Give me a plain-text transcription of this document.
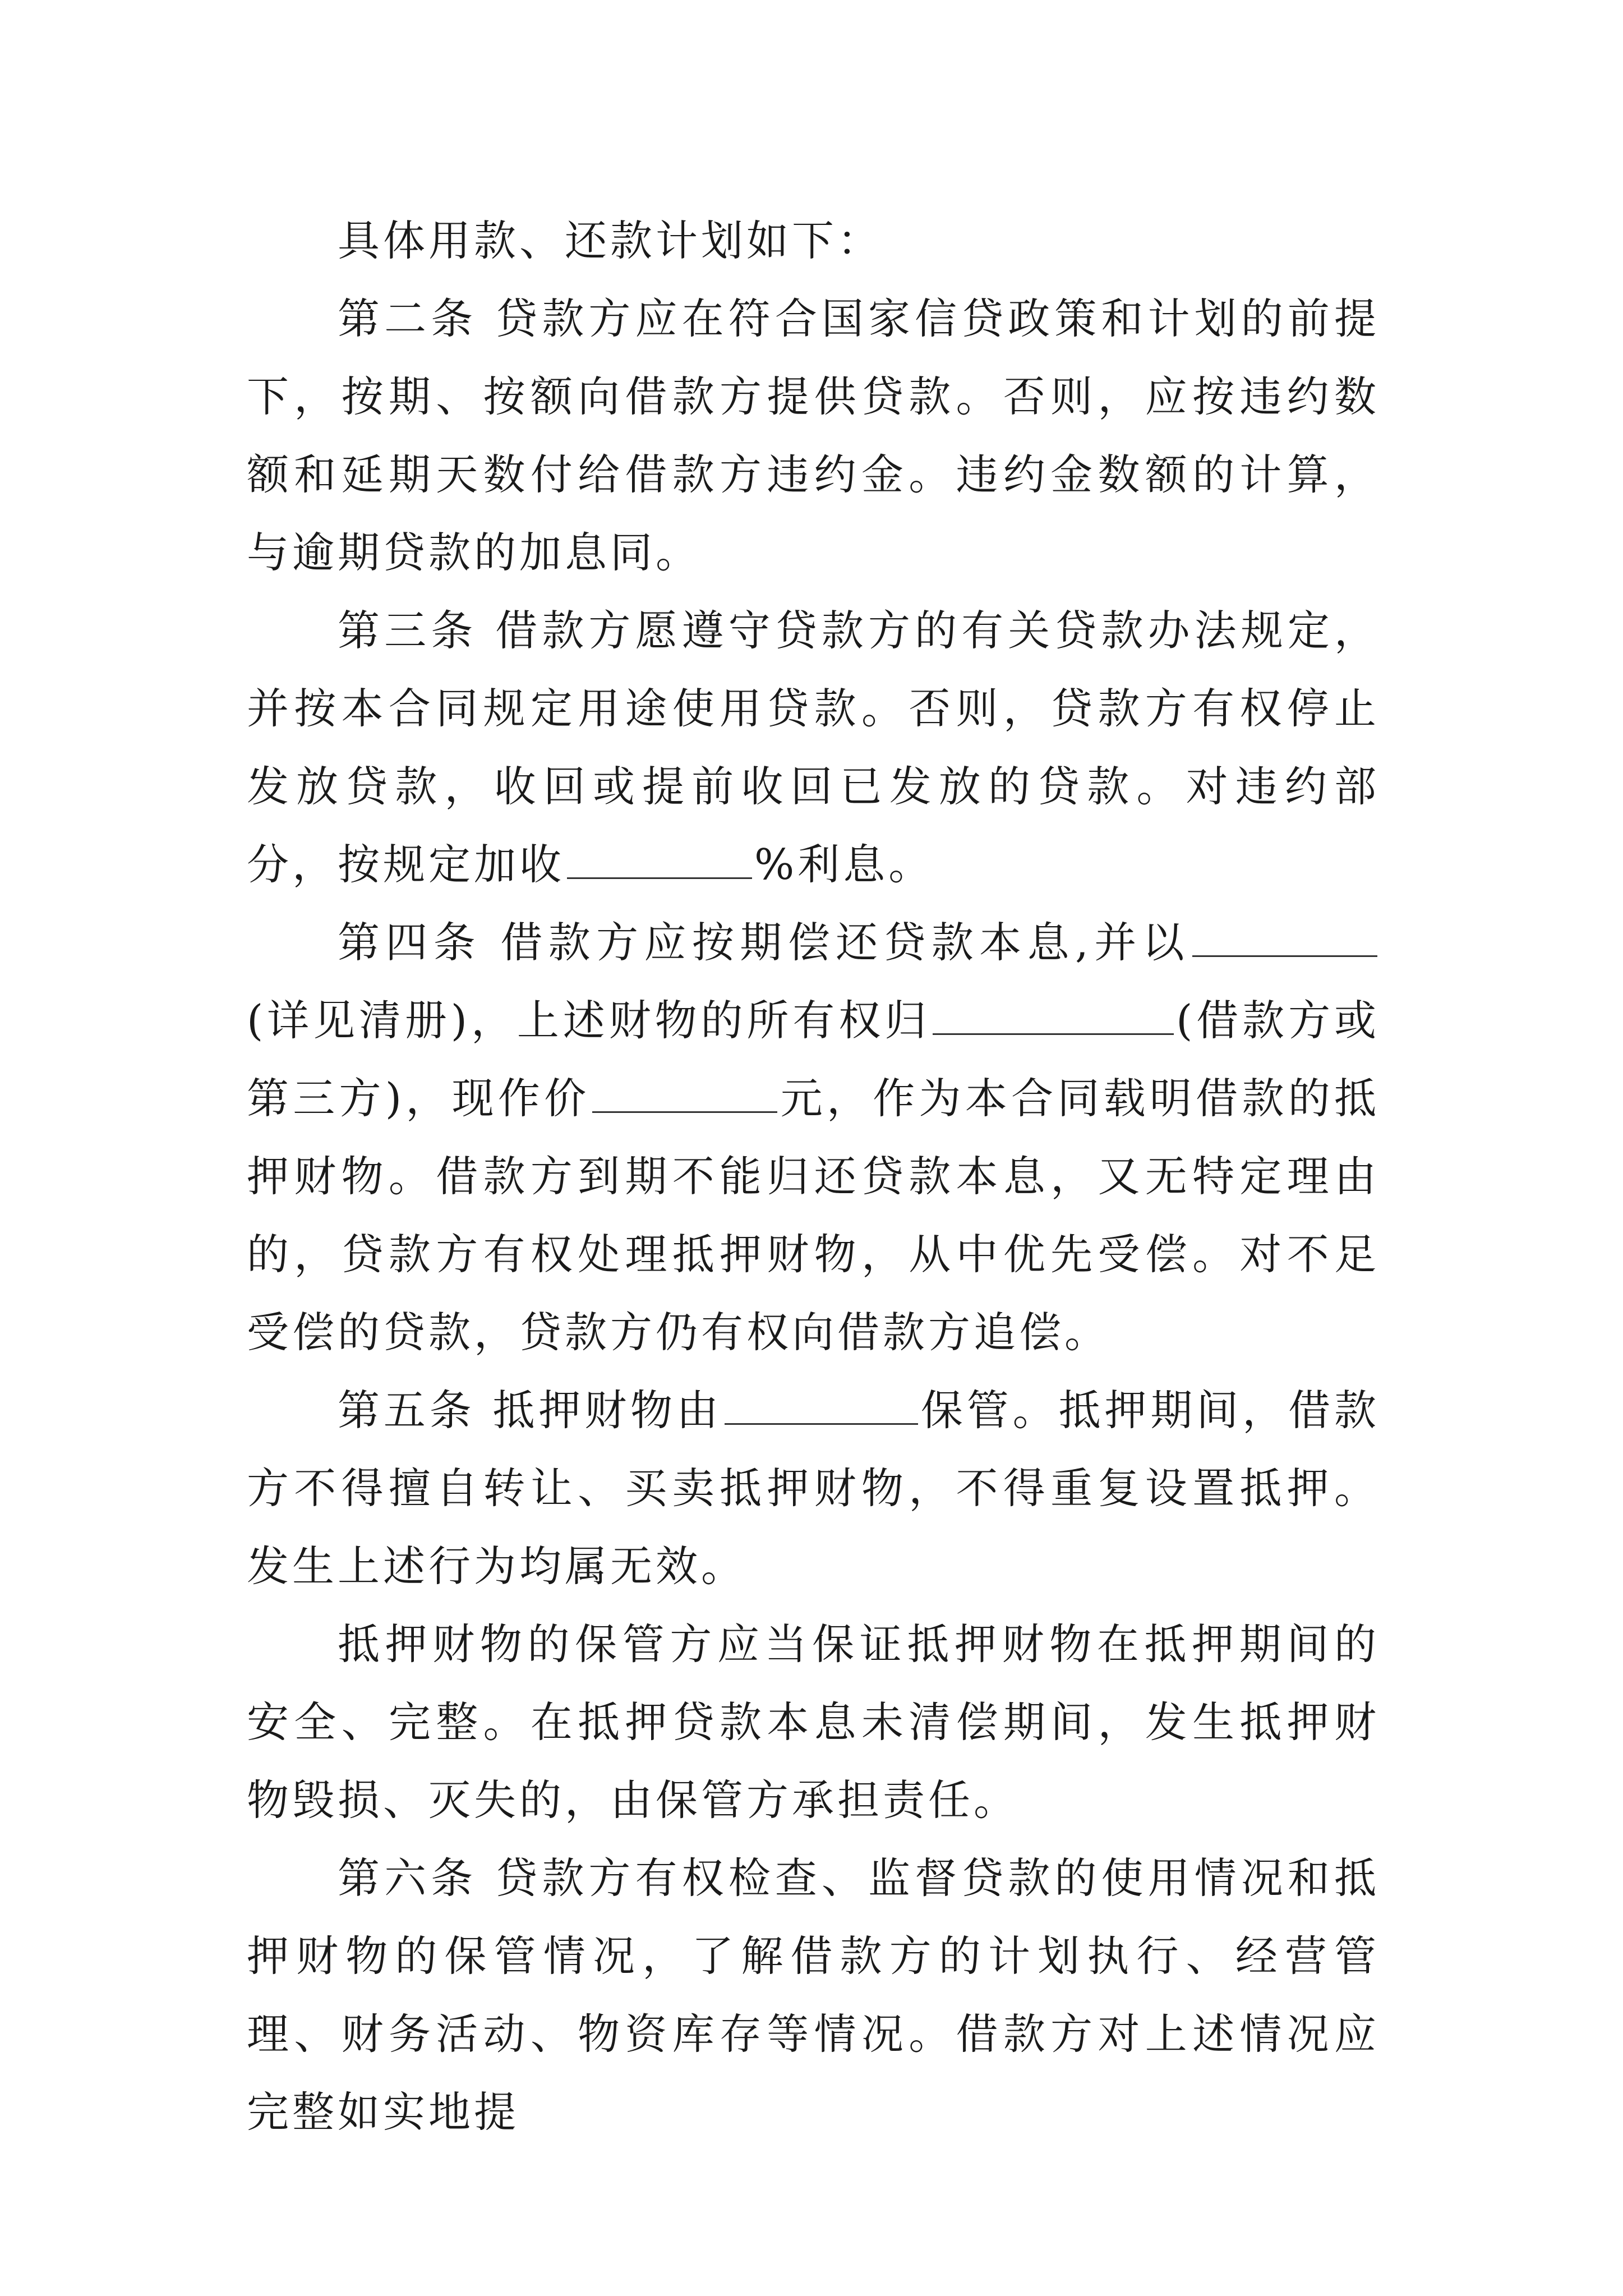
具体用款、还款计划如下：

第二条 贷款方应在符合国家信贷政策和计划的前提下，按期、按额向借款方提供贷款。否则，应按违约数额和延期天数付给借款方违约金。违约金数额的计算，与逾期贷款的加息同。

第三条 借款方愿遵守贷款方的有关贷款办法规定，并按本合同规定用途使用贷款。否则，贷款方有权停止发放贷款，收回或提前收回已发放的贷款。对违约部分，按规定加收	%利息。

第四条 借款方应按期偿还贷款本息,并以(详见清册)，上述财物的所有权归	(借款方或第三方)，现作价	元，作为本合同载明借款的抵押财物。借款方到期不能归还贷款本息，又无特定理由的，贷款方有权处理抵押财物，从中优先受偿。对不足受偿的贷款，贷款方仍有权向借款方追偿。

第五条 抵押财物由	保管。抵押期间，借款方不得擅自转让、买卖抵押财物，不得重复设置抵押。发生上述行为均属无效。

抵押财物的保管方应当保证抵押财物在抵押期间的安全、完整。在抵押贷款本息未清偿期间，发生抵押财物毁损、灭失的，由保管方承担责任。

第六条 贷款方有权检查、监督贷款的使用情况和抵押财物的保管情况，了解借款方的计划执行、经营管理、财务活动、物资库存等情况。借款方对上述情况应完整如实地提
